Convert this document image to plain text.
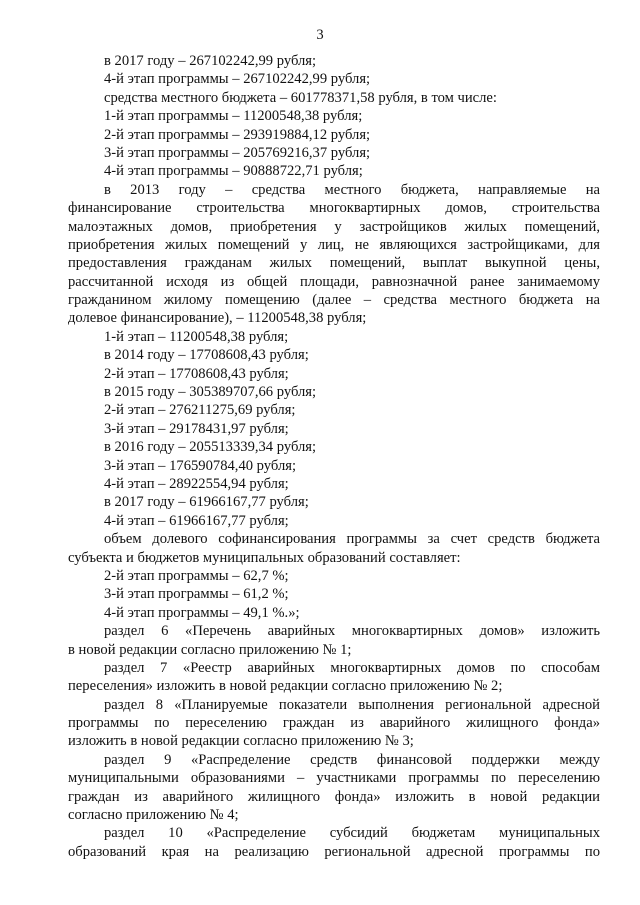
3
в 2017 году – 267102242,99 рубля;
4-й этап программы – 267102242,99 рубля;
средства местного бюджета – 601778371,58 рубля, в том числе:
1-й этап программы – 11200548,38 рубля;
2-й этап программы – 293919884,12 рубля;
3-й этап программы – 205769216,37 рубля;
4-й этап программы – 90888722,71 рубля;
в 2013 году – средства местного бюджета, направляемые на
финансирование строительства многоквартирных домов, строительства
малоэтажных домов, приобретения у застройщиков жилых помещений,
приобретения жилых помещений у лиц, не являющихся застройщиками, для
предоставления гражданам жилых помещений, выплат выкупной цены,
рассчитанной исходя из общей площади, равнозначной ранее занимаемому
гражданином жилому помещению (далее – средства местного бюджета на
долевое финансирование), – 11200548,38 рубля;
1-й этап – 11200548,38 рубля;
в 2014 году – 17708608,43 рубля;
2-й этап – 17708608,43 рубля;
в 2015 году – 305389707,66 рубля;
2-й этап – 276211275,69 рубля;
3-й этап – 29178431,97 рубля;
в 2016 году – 205513339,34 рубля;
3-й этап – 176590784,40 рубля;
4-й этап – 28922554,94 рубля;
в 2017 году – 61966167,77 рубля;
4-й этап – 61966167,77 рубля;
объем долевого софинансирования программы за счет средств бюджета
субъекта и бюджетов муниципальных образований составляет:
2-й этап программы – 62,7 %;
3-й этап программы – 61,2 %;
4-й этап программы – 49,1 %.»;
раздел 6 «Перечень аварийных многоквартирных домов» изложить
в новой редакции согласно приложению № 1;
раздел 7 «Реестр аварийных многоквартирных домов по способам
переселения» изложить в новой редакции согласно приложению № 2;
раздел 8 «Планируемые показатели выполнения региональной адресной
программы по переселению граждан из аварийного жилищного фонда»
изложить в новой редакции согласно приложению № 3;
раздел 9 «Распределение средств финансовой поддержки между
муниципальными образованиями – участниками программы по переселению
граждан из аварийного жилищного фонда» изложить в новой редакции
согласно приложению № 4;
раздел 10 «Распределение субсидий бюджетам муниципальных
образований края на реализацию региональной адресной программы по
